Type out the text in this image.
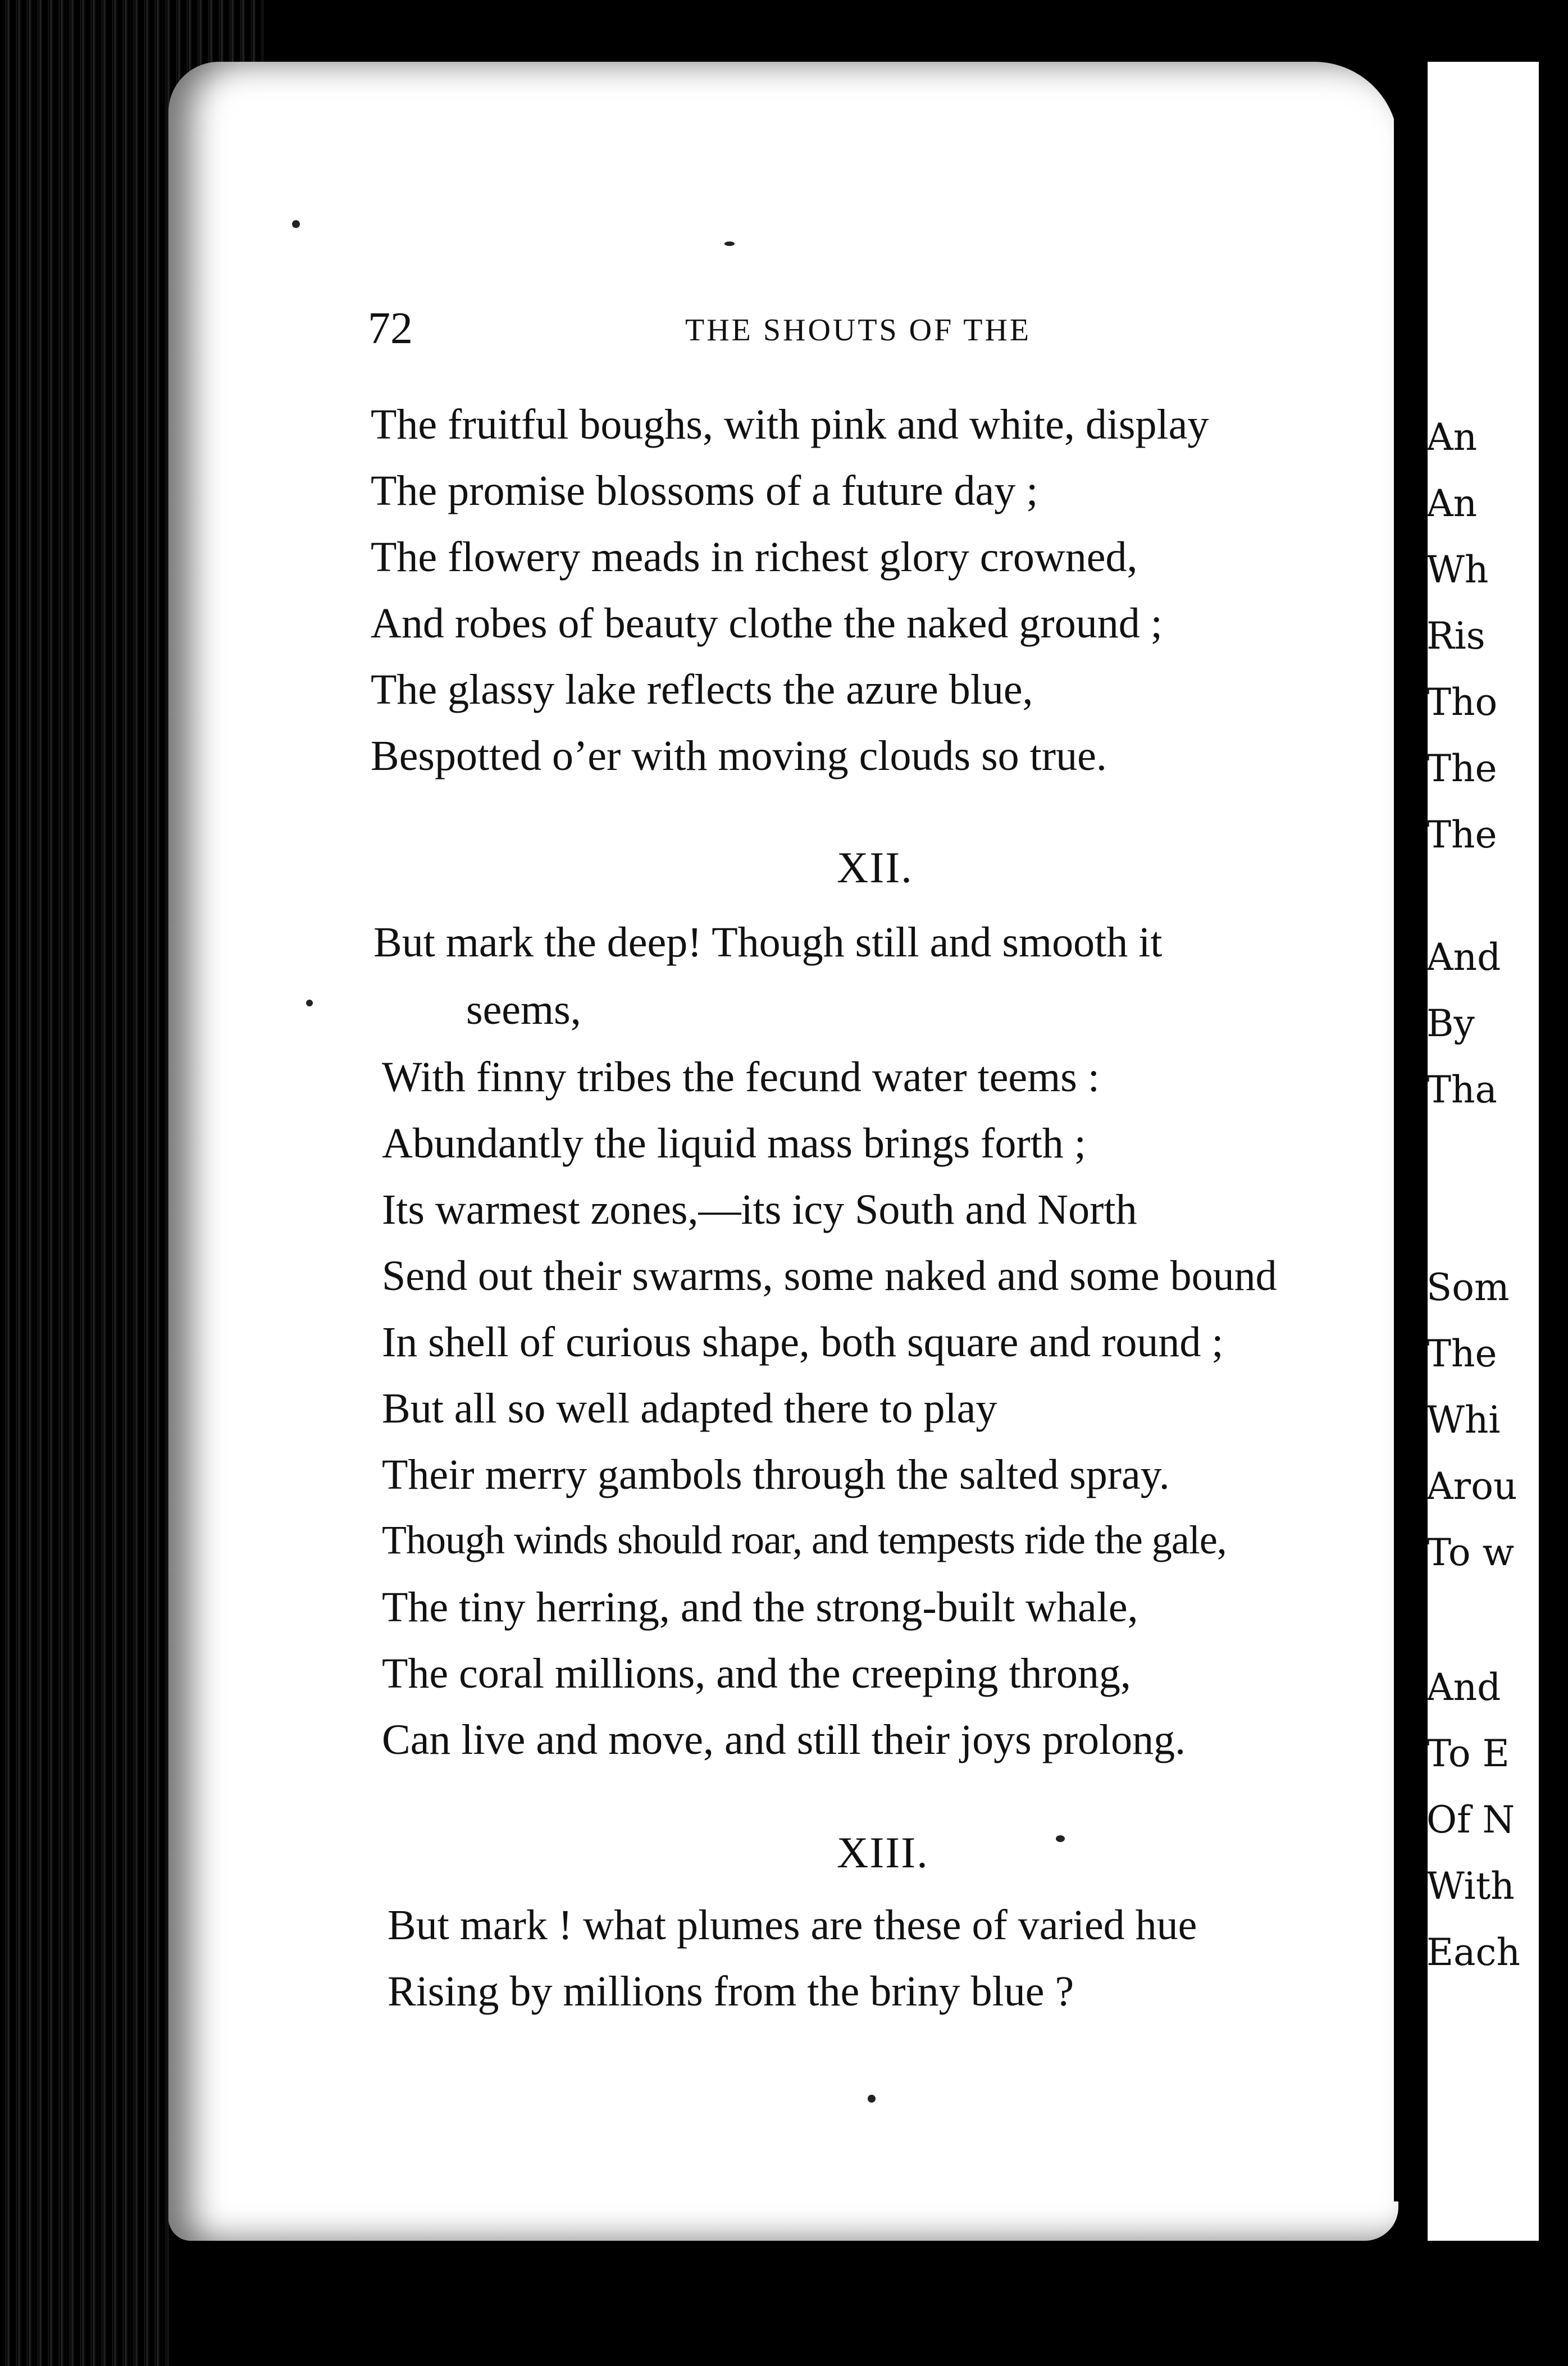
An
An
Wh
Ris
Tho
The
The
And
By
Tha
Som
The
Whi
Arou
To w
And
To E
Of N
With
Each
72	THE SHOUTS OF THE
The fruitful boughs, with pink and white, display
The promise blossoms of a future day ;
The flowery meads in richest glory crowned,
And robes of beauty clothe the naked ground ;
The glassy lake reflects the azure blue,
Bespotted o’er with moving clouds so true.
XII.
But mark the deep! Though still and smooth it
seems,
With finny tribes the fecund water teems :
Abundantly the liquid mass brings forth ;
Its warmest zones,—its icy South and North
Send out their swarms, some naked and some bound
In shell of curious shape, both square and round ;
But all so well adapted there to play
Their merry gambols through the salted spray.
Though winds should roar, and tempests ride the gale,
The tiny herring, and the strong-built whale,
The coral millions, and the creeping throng,
Can live and move, and still their joys prolong.
XIII.
But mark ! what plumes are these of varied hue
Rising by millions from the briny blue ?
